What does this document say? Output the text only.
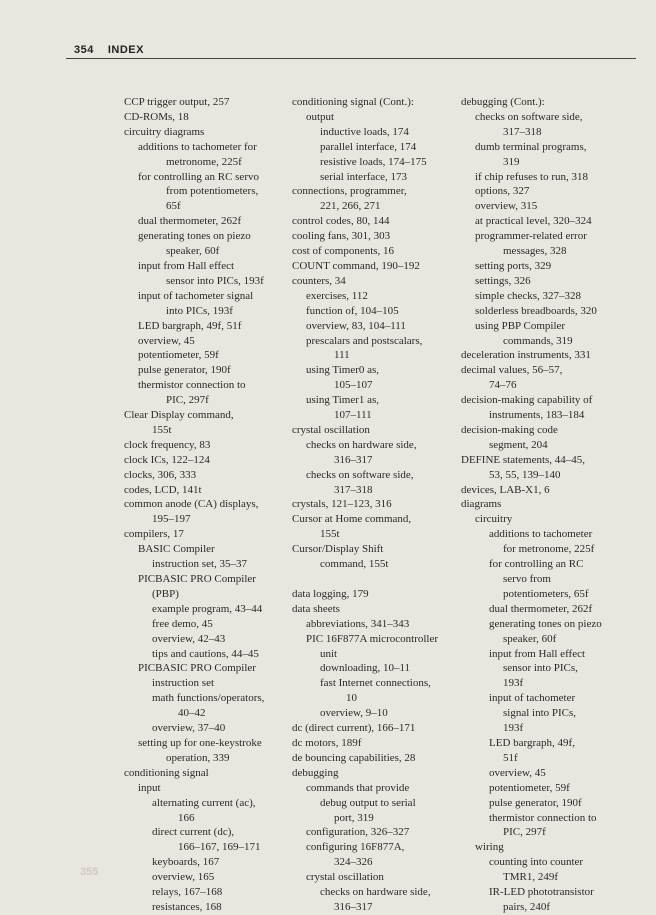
354 INDEX
CCP trigger output, 257
CD-ROMs, 18
circuitry diagrams
additions to tachometer for
metronome, 225f
for controlling an RC servo
from potentiometers,
65f
dual thermometer, 262f
generating tones on piezo
speaker, 60f
input from Hall effect
sensor into PICs, 193f
input of tachometer signal
into PICs, 193f
LED bargraph, 49f, 51f
overview, 45
potentiometer, 59f
pulse generator, 190f
thermistor connection to
PIC, 297f
Clear Display command,
155t
clock frequency, 83
clock ICs, 122–124
clocks, 306, 333
codes, LCD, 141t
common anode (CA) displays,
195–197
compilers, 17
BASIC Compiler
instruction set, 35–37
PICBASIC PRO Compiler
(PBP)
example program, 43–44
free demo, 45
overview, 42–43
tips and cautions, 44–45
PICBASIC PRO Compiler
instruction set
math functions/operators,
40–42
overview, 37–40
setting up for one-keystroke
operation, 339
conditioning signal
input
alternating current (ac),
166
direct current (dc),
166–167, 169–171
keyboards, 167
overview, 165
relays, 167–168
resistances, 168
conditioning signal (Cont.):
output
inductive loads, 174
parallel interface, 174
resistive loads, 174–175
serial interface, 173
connections, programmer,
221, 266, 271
control codes, 80, 144
cooling fans, 301, 303
cost of components, 16
COUNT command, 190–192
counters, 34
exercises, 112
function of, 104–105
overview, 83, 104–111
prescalars and postscalars,
111
using Timer0 as,
105–107
using Timer1 as,
107–111
crystal oscillation
checks on hardware side,
316–317
checks on software side,
317–318
crystals, 121–123, 316
Cursor at Home command,
155t
Cursor/Display Shift
command, 155t

data logging, 179
data sheets
abbreviations, 341–343
PIC 16F877A microcontroller
unit
downloading, 10–11
fast Internet connections,
10
overview, 9–10
dc (direct current), 166–171
dc motors, 189f
de bouncing capabilities, 28
debugging
commands that provide
debug output to serial
port, 319
configuration, 326–327
configuring 16F877A,
324–326
crystal oscillation
checks on hardware side,
316–317
debugging (Cont.):
checks on software side,
317–318
dumb terminal programs,
319
if chip refuses to run, 318
options, 327
overview, 315
at practical level, 320–324
programmer-related error
messages, 328
setting ports, 329
settings, 326
simple checks, 327–328
solderless breadboards, 320
using PBP Compiler
commands, 319
deceleration instruments, 331
decimal values, 56–57,
74–76
decision-making capability of
instruments, 183–184
decision-making code
segment, 204
DEFINE statements, 44–45,
53, 55, 139–140
devices, LAB-X1, 6
diagrams
circuitry
additions to tachometer
for metronome, 225f
for controlling an RC
servo from
potentiometers, 65f
dual thermometer, 262f
generating tones on piezo
speaker, 60f
input from Hall effect
sensor into PICs,
193f
input of tachometer
signal into PICs,
193f
LED bargraph, 49f,
51f
overview, 45
potentiometer, 59f
pulse generator, 190f
thermistor connection to
PIC, 297f
wiring
counting into counter
TMR1, 249f
IR-LED phototransistor
pairs, 240f
355
